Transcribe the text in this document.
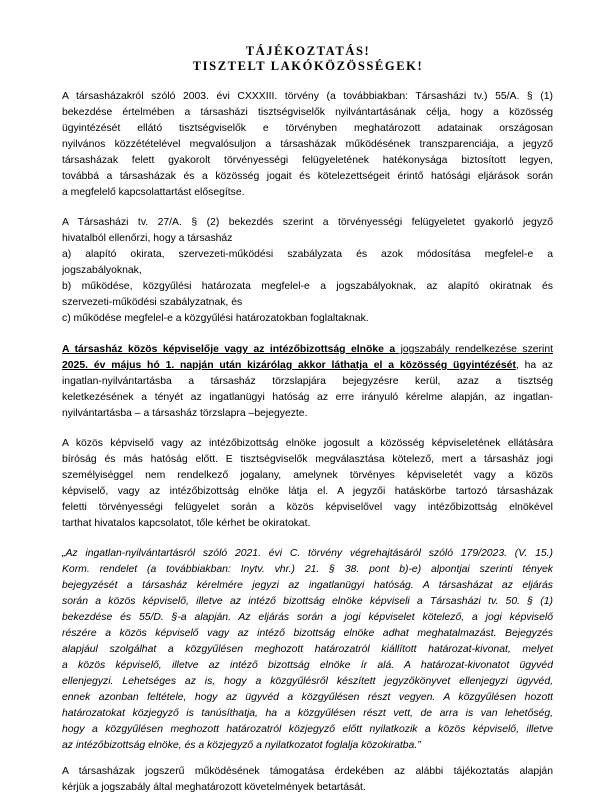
TÁJÉKOZTATÁS!
TISZTELT LAKÓKÖZÖSSÉGEK!
A társasházakról szóló 2003. évi CXXXIII. törvény (a továbbiakban: Társasházi tv.) 55/A. § (1)
bekezdése értelmében a társasházi tisztségviselők nyilvántartásának célja, hogy a közösség
ügyintézését ellátó tisztségviselők e törvényben meghatározott adatainak országosan
nyilvános közzétételével megvalósuljon a társasházak működésének transzparenciája, a jegyző
társasházak felett gyakorolt törvényességi felügyeletének hatékonysága biztosított legyen,
továbbá a társasházak és a közösség jogait és kötelezettségeit érintő hatósági eljárások során
a megfelelő kapcsolattartást elősegítse.
A Társasházi tv. 27/A. § (2) bekezdés szerint a törvényességi felügyeletet gyakorló jegyző
hivatalból ellenőrzi, hogy a társasház
a) alapító okirata, szervezeti-működési szabályzata és azok módosítása megfelel-e a
jogszabályoknak,
b) működése, közgyűlési határozata megfelel-e a jogszabályoknak, az alapító okiratnak és
szervezeti-működési szabályzatnak, és
c) működése megfelel-e a közgyűlési határozatokban foglaltaknak.
A társasház közös képviselője vagy az intézőbizottság elnöke a jogszabály rendelkezése szerint
2025. év május hó 1. napján után kizárólag akkor láthatja el a közösség ügyintézését, ha az
ingatlan-nyilvántartásba a társasház törzslapjára bejegyzésre kerül, azaz a tisztség
keletkezésének a tényét az ingatlanügyi hatóság az erre irányuló kérelme alapján, az ingatlan-
nyilvántartásba – a társasház törzslapra –bejegyezte.
A közös képviselő vagy az intézőbizottság elnöke jogosult a közösség képviseletének ellátására
bíróság és más hatóság előtt. E tisztségviselők megválasztása kötelező, mert a társasház jogi
személyiséggel nem rendelkező jogalany, amelynek törvényes képviseletét vagy a közös
képviselő, vagy az intézőbizottság elnöke látja el. A jegyzői hatáskörbe tartozó társasházak
feletti törvényességi felügyelet során a közös képviselővel vagy intézőbizottság elnökével
tarthat hivatalos kapcsolatot, tőle kérhet be okiratokat.
„Az ingatlan-nyilvántartásról szóló 2021. évi C. törvény végrehajtásáról szóló 179/2023. (V. 15.)
Korm. rendelet (a továbbiakban: Inytv. vhr.) 21. § 38. pont b)-e) alpontjai szerinti tények
bejegyzését a társasház kérelmére jegyzi az ingatlanügyi hatóság. A társasházat az eljárás
során a közös képviselő, illetve az intéző bizottság elnöke képviseli a Társasházi tv. 50. § (1)
bekezdése és 55/D. §-a alapján. Az eljárás során a jogi képviselet kötelező, a jogi képviselő
részére a közös képviselő vagy az intéző bizottság elnöke adhat meghatalmazást. Bejegyzés
alapjául szolgálhat a közgyűlésen meghozott határozatról kiállított határozat-kivonat, melyet
a közös képviselő, illetve az intéző bizottság elnöke ír alá. A határozat-kivonatot ügyvéd
ellenjegyzi. Lehetséges az is, hogy a közgyűlésről készített jegyzőkönyvet ellenjegyzi ügyvéd,
ennek azonban feltétele, hogy az ügyvéd a közgyűlésen részt vegyen. A közgyűlésen hozott
határozatokat közjegyző is tanúsíthatja, ha a közgyűlésen részt vett, de arra is van lehetőség,
hogy a közgyűlésen meghozott határozatról közjegyző előtt nyilatkozik a közös képviselő, illetve
az intézőbizottság elnöke, és a közjegyző a nyilatkozatot foglalja közokiratba.”
A társasházak jogszerű működésének támogatása érdekében az alábbi tájékoztatás alapján
kérjük a jogszabály által meghatározott követelmények betartását.
